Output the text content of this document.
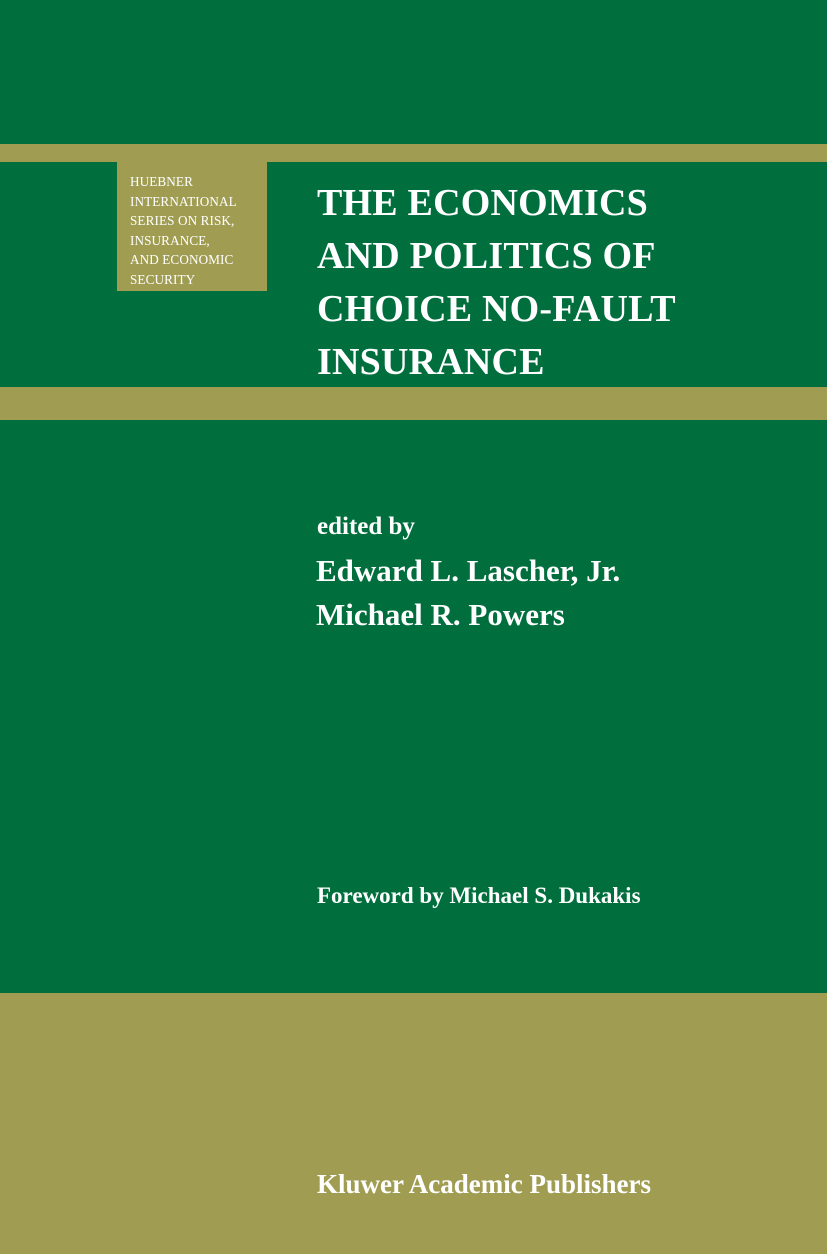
HUEBNER
INTERNATIONAL
SERIES ON RISK,
INSURANCE,
AND ECONOMIC
SECURITY

THE ECONOMICS
AND POLITICS OF
CHOICE NO-FAULT
INSURANCE

edited by

Edward L. Lascher, Jr.

Michael R. Powers

Foreword by Michael S. Dukakis

Kluwer Academic Publishers
